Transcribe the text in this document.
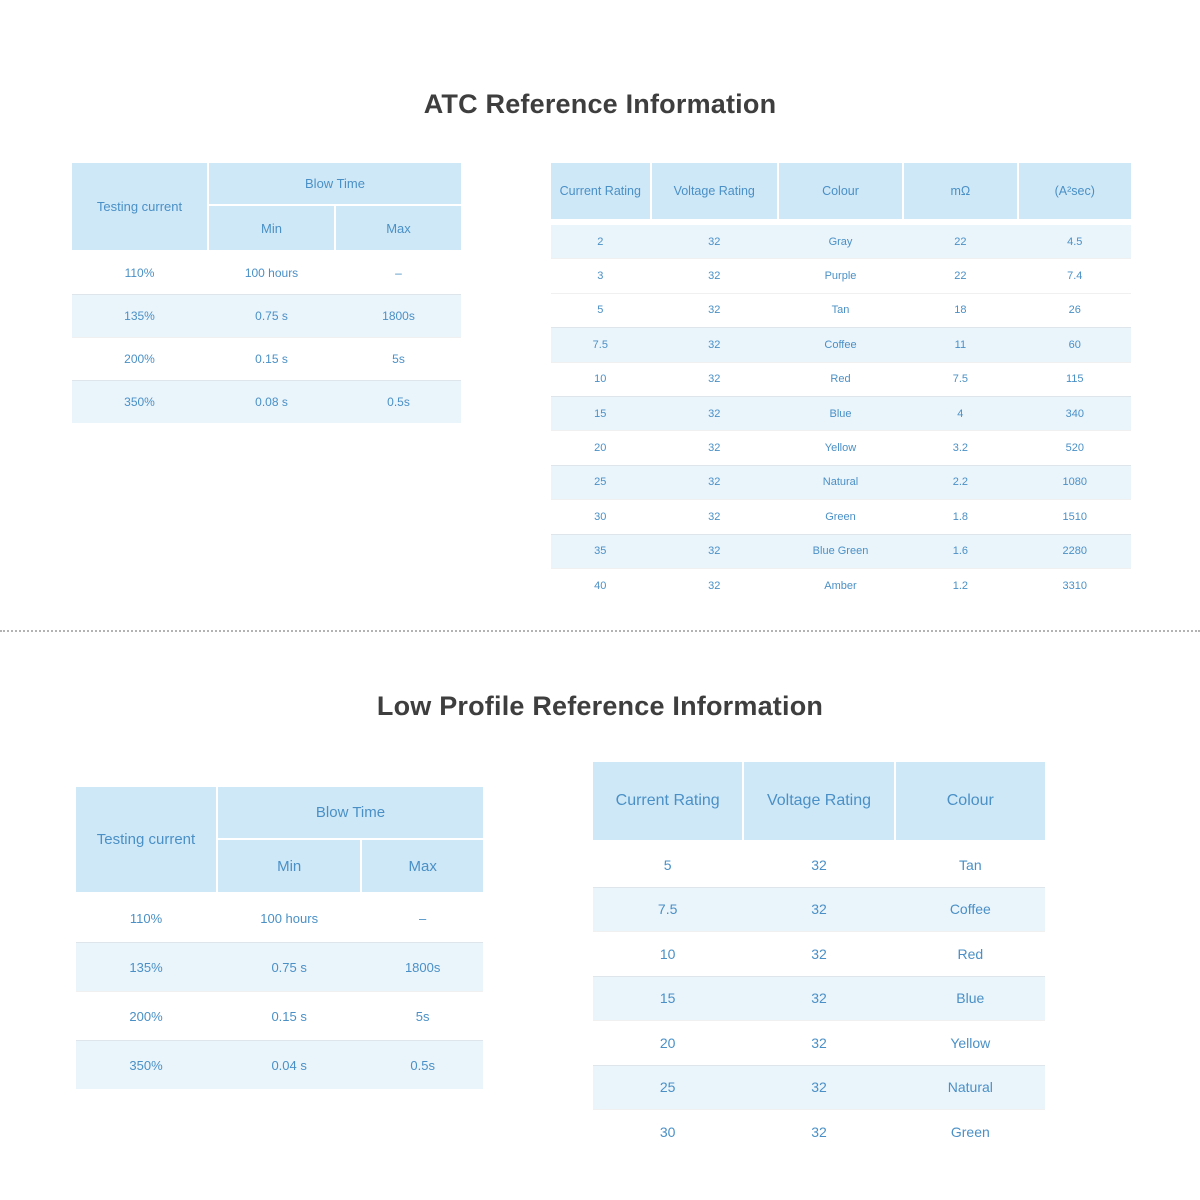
ATC Reference Information
Testing current
Blow Time
Min	Max
110%	100 hours	–
135%	0.75 s	1800s
200%	0.15 s	5s
350%	0.08 s	0.5s
Current Rating	Voltage Rating	Colour	mΩ	(A²sec)
2	32	Gray	22	4.5
3	32	Purple	22	7.4
5	32	Tan	18	26
7.5	32	Coffee	11	60
10	32	Red	7.5	115
15	32	Blue	4	340
20	32	Yellow	3.2	520
25	32	Natural	2.2	1080
30	32	Green	1.8	1510
35	32	Blue Green	1.6	2280
40	32	Amber	1.2	3310
Low Profile Reference Information
Testing current
Blow Time
Min	Max
110%	100 hours	–
135%	0.75 s	1800s
200%	0.15 s	5s
350%	0.04 s	0.5s
Current Rating	Voltage Rating	Colour
5	32	Tan
7.5	32	Coffee
10	32	Red
15	32	Blue
20	32	Yellow
25	32	Natural
30	32	Green
